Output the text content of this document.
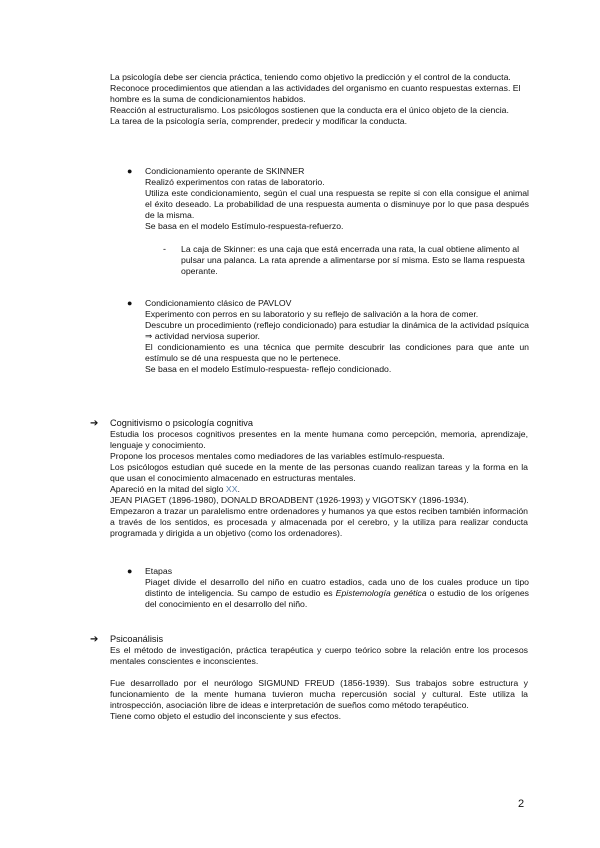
La psicología debe ser ciencia práctica, teniendo como objetivo la predicción y el control de la conducta. Reconoce procedimientos que atiendan a las actividades del organismo en cuanto respuestas externas. El hombre es la suma de condicionamientos habidos.

Reacción al estructuralismo. Los psicólogos sostienen que la conducta era el único objeto de la ciencia.

La tarea de la psicología sería, comprender, predecir y modificar la conducta.

● Condicionamiento operante de SKINNER

Realizó experimentos con ratas de laboratorio.

Utiliza este condicionamiento, según el cual una respuesta se repite si con ella consigue el animal el éxito deseado. La probabilidad de una respuesta aumenta o disminuye por lo que pasa después de la misma.

Se basa en el modelo Estímulo-respuesta-refuerzo.

- La caja de Skinner: es una caja que está encerrada una rata, la cual obtiene alimento al pulsar una palanca. La rata aprende a alimentarse por sí misma. Esto se llama respuesta operante.

● Condicionamiento clásico de PAVLOV

Experimento con perros en su laboratorio y su reflejo de salivación a la hora de comer.

Descubre un procedimiento (reflejo condicionado) para estudiar la dinámica de la actividad psíquica ⇒ actividad nerviosa superior.

El condicionamiento es una técnica que permite descubrir las condiciones para que ante un estímulo se dé una respuesta que no le pertenece.

Se basa en el modelo Estímulo-respuesta- reflejo condicionado.

➔ Cognitivismo o psicología cognitiva

Estudia los procesos cognitivos presentes en la mente humana como percepción, memoria, aprendizaje, lenguaje y conocimiento.

Propone los procesos mentales como mediadores de las variables estímulo-respuesta.

Los psicólogos estudian qué sucede en la mente de las personas cuando realizan tareas y la forma en la que usan el conocimiento almacenado en estructuras mentales.

Apareció en la mitad del siglo XX.

JEAN PIAGET (1896-1980), DONALD BROADBENT (1926-1993) y VIGOTSKY (1896-1934).

Empezaron a trazar un paralelismo entre ordenadores y humanos ya que estos reciben también información a través de los sentidos, es procesada y almacenada por el cerebro, y la utiliza para realizar conducta programada y dirigida a un objetivo (como los ordenadores).

● Etapas

Piaget divide el desarrollo del niño en cuatro estadios, cada uno de los cuales produce un tipo distinto de inteligencia. Su campo de estudio es Epistemología genética o estudio de los orígenes del conocimiento en el desarrollo del niño.

➔ Psicoanálisis

Es el método de investigación, práctica terapéutica y cuerpo teórico sobre la relación entre los procesos mentales conscientes e inconscientes.

Fue desarrollado por el neurólogo SIGMUND FREUD (1856-1939). Sus trabajos sobre estructura y funcionamiento de la mente humana tuvieron mucha repercusión social y cultural. Este utiliza la introspección, asociación libre de ideas e interpretación de sueños como método terapéutico.

Tiene como objeto el estudio del inconsciente y sus efectos.

2
